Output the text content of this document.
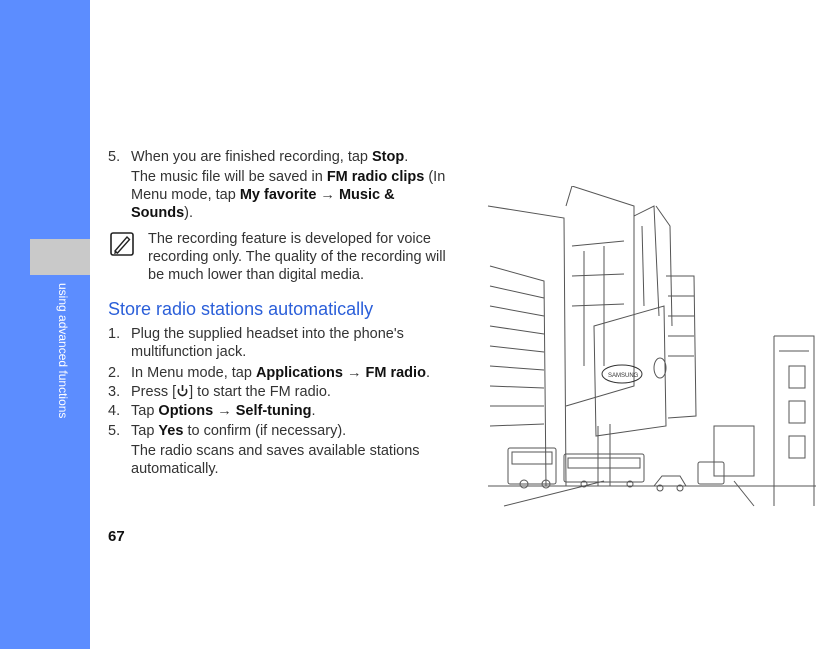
using advanced functions
5. When you are finished recording, tap Stop.
The music file will be saved in FM radio clips (In Menu mode, tap My favorite → Music & Sounds).
The recording feature is developed for voice recording only. The quality of the recording will be much lower than digital media.
Store radio stations automatically
1. Plug the supplied headset into the phone's multifunction jack.
2. In Menu mode, tap Applications → FM radio.
3. Press [ ] to start the FM radio.
4. Tap Options → Self-tuning.
5. Tap Yes to confirm (if necessary).
The radio scans and saves available stations automatically.
67
SAMSUNG
